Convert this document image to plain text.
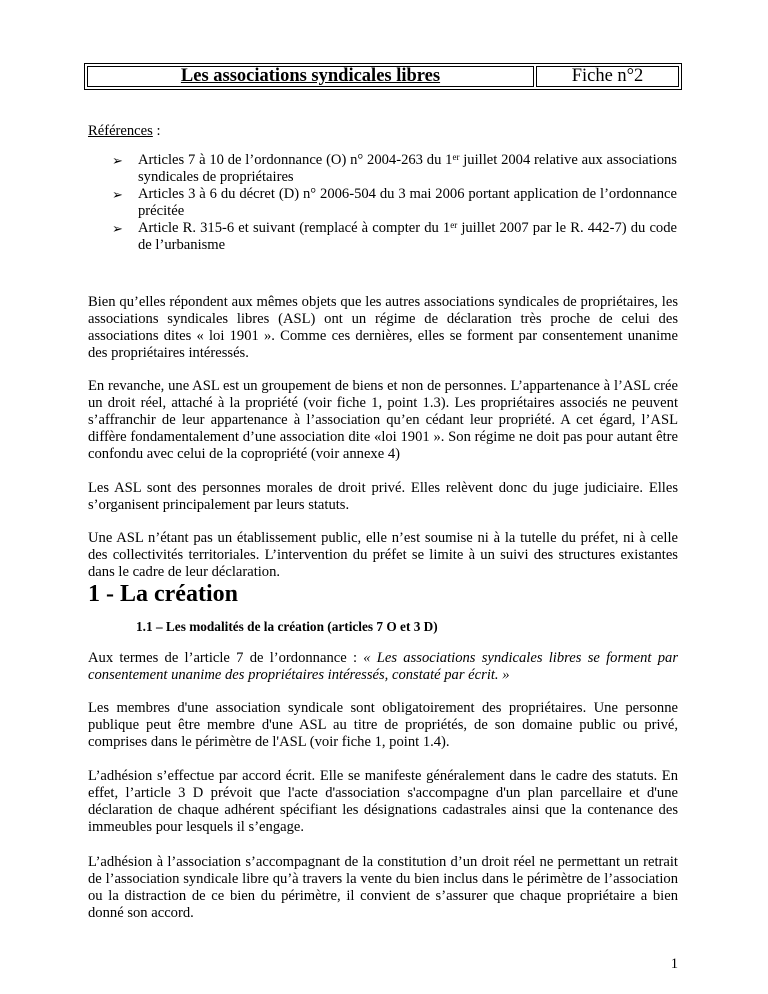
Les associations syndicales libres	Fiche n°2
Références :
➢ Articles 7 à 10 de l’ordonnance (O) n° 2004-263 du 1er juillet 2004 relative aux associations syndicales de propriétaires
➢ Articles 3 à 6 du décret (D) n° 2006-504 du 3 mai 2006 portant application de l’ordonnance précitée
➢ Article R. 315-6 et suivant (remplacé à compter du 1er juillet 2007 par le R. 442-7) du code de l’urbanisme

Bien qu’elles répondent aux mêmes objets que les autres associations syndicales de propriétaires, les associations syndicales libres (ASL) ont un régime de déclaration très proche de celui des associations dites « loi 1901 ». Comme ces dernières, elles se forment par consentement unanime des propriétaires intéressés.

En revanche, une ASL est un groupement de biens et non de personnes. L’appartenance à l’ASL crée un droit réel, attaché à la propriété (voir fiche 1, point 1.3). Les propriétaires associés ne peuvent s’affranchir de leur appartenance à l’association qu’en cédant leur propriété. A cet égard, l’ASL diffère fondamentalement d’une association dite «loi 1901 ». Son régime ne doit pas pour autant être confondu avec celui de la copropriété (voir annexe 4)

Les ASL sont des personnes morales de droit privé. Elles relèvent donc du juge judiciaire. Elles s’organisent principalement par leurs statuts.

Une ASL n’étant pas un établissement public, elle n’est soumise ni à la tutelle du préfet, ni à celle des collectivités territoriales. L’intervention du préfet se limite à un suivi des structures existantes dans le cadre de leur déclaration.

1 - La création
1.1 – Les modalités de la création (articles 7 O et 3 D)

Aux termes de l’article 7 de l’ordonnance : « Les associations syndicales libres se forment par consentement unanime des propriétaires intéressés, constaté par écrit. »

Les membres d'une association syndicale sont obligatoirement des propriétaires. Une personne publique peut être membre d'une ASL au titre de propriétés, de son domaine public ou privé, comprises dans le périmètre de l'ASL (voir fiche 1, point 1.4).

L’adhésion s’effectue par accord écrit. Elle se manifeste généralement dans le cadre des statuts. En effet, l’article 3 D prévoit que l'acte d'association s'accompagne d'un plan parcellaire et d'une déclaration de chaque adhérent spécifiant les désignations cadastrales ainsi que la contenance des immeubles pour lesquels il s’engage.

L’adhésion à l’association s’accompagnant de la constitution d’un droit réel ne permettant un retrait de l’association syndicale libre qu’à travers la vente du bien inclus dans le périmètre de l’association ou la distraction de ce bien du périmètre, il convient de s’assurer que chaque propriétaire a bien donné son accord.

1
